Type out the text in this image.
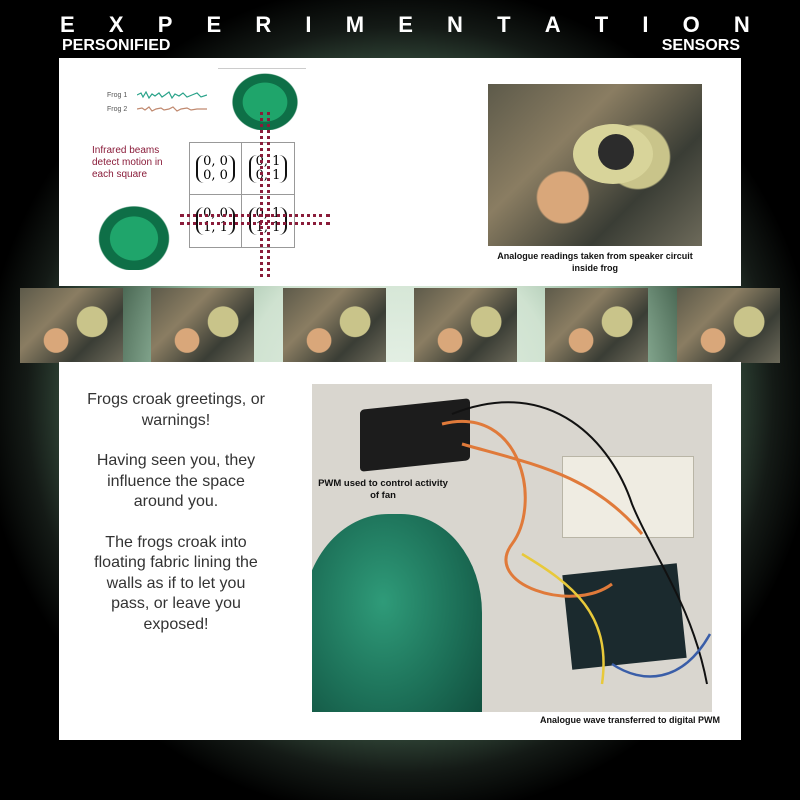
E X P E R I M E N T A T I O N
PERSONIFIED	SENSORS
Frog 1
Frog 2
Infrared beams detect motion in each square
0, 0
0, 0
0, 1
0, 1
0, 0
1, 1
0, 1
1, 1
Analogue readings taken from speaker circuit inside frog

Frogs croak greetings, or warnings!

Having seen you, they influence the space around you.

The frogs croak into floating fabric lining the walls as if to let you pass, or leave you exposed!

PWM used to control activity of fan
Analogue wave transferred to digital PWM
